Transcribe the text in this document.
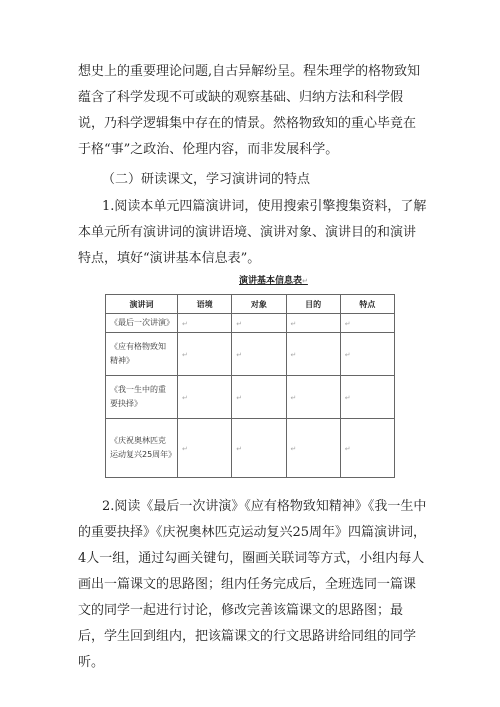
想史上的重要理论问题,自古异解纷呈。程朱理学的格物致知蕴含了科学发现不可或缺的观察基础、归纳方法和科学假说，乃科学逻辑集中存在的情景。然格物致知的重心毕竟在于格“事”之政治、伦理内容，而非发展科学。

（二）研读课文，学习演讲词的特点

1.阅读本单元四篇演讲词，使用搜索引擎搜集资料，了解本单元所有演讲词的演讲语境、演讲对象、演讲目的和演讲特点，填好“演讲基本信息表”。

演讲基本信息表↵
演讲词	语境	对象	目的	特点
《最后一次讲演》	↵	↵	↵	↵
《应有格物致知精神》	↵	↵	↵	↵
《我一生中的重要抉择》	↵	↵	↵	↵
《庆祝奥林匹克运动复兴25周年》	↵	↵	↵	↵

2.阅读《最后一次讲演》《应有格物致知精神》《我一生中的重要抉择》《庆祝奥林匹克运动复兴25周年》四篇演讲词，4人一组，通过勾画关键句，圈画关联词等方式，小组内每人画出一篇课文的思路图；组内任务完成后，全班选同一篇课文的同学一起进行讨论，修改完善该篇课文的思路图；最后，学生回到组内，把该篇课文的行文思路讲给同组的同学听。
